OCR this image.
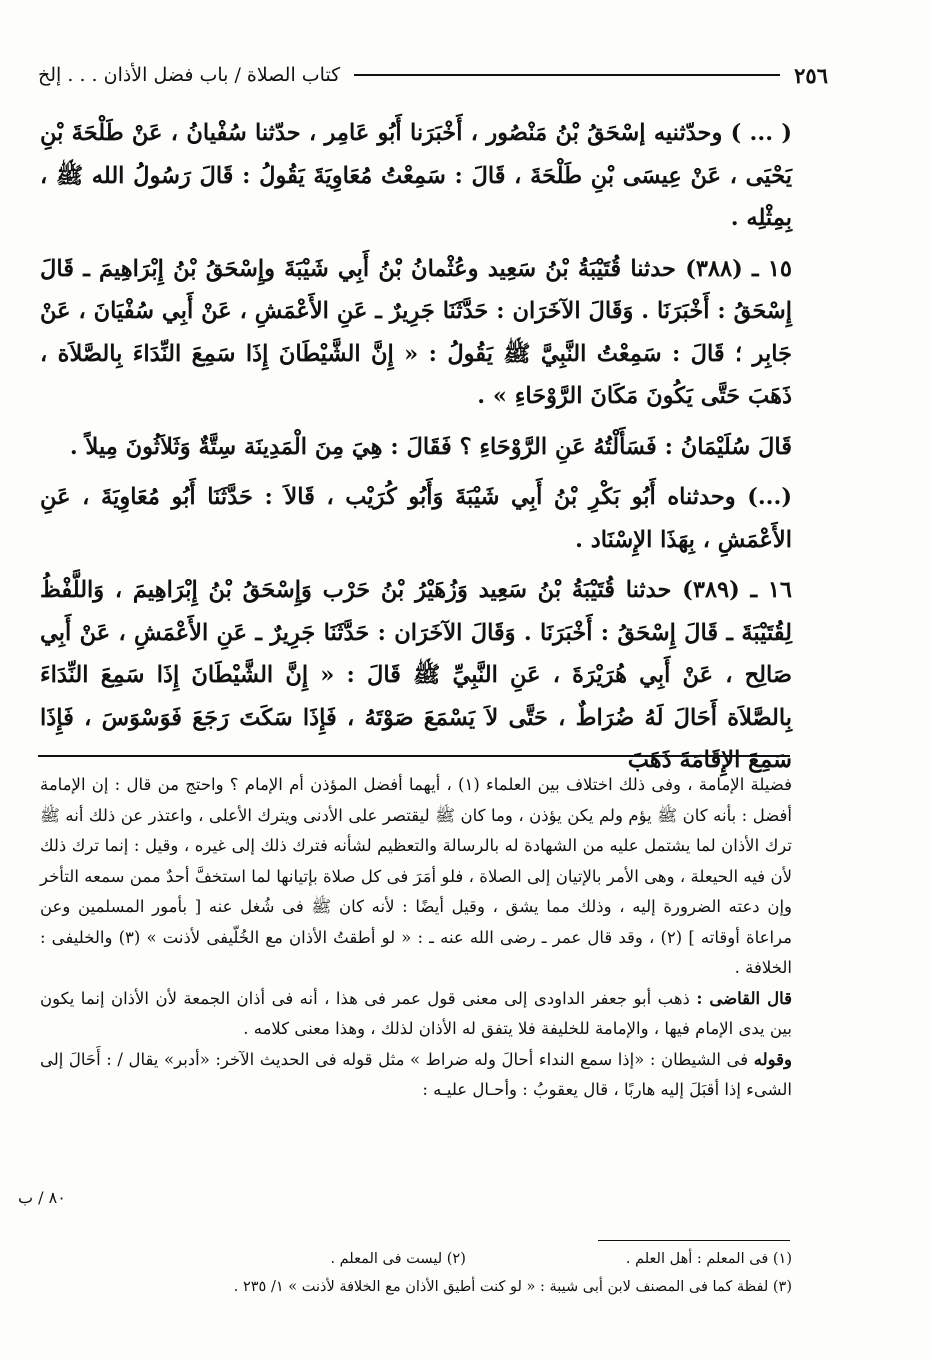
٢٥٦
كتاب الصلاة / باب فضل الأذان . . . إلخ

( ... ) وحدّثنيه إسْحَقُ بْنُ مَنْصُور ، أَخْبَرَنا أَبُو عَامِر ، حدّثنا سُفْيانُ ، عَنْ طَلْحَةَ بْنِ يَحْيَى ، عَنْ عِيسَى بْنِ طَلْحَةَ ، قَالَ : سَمِعْتُ مُعَاوِيَةَ يَقُولُ : قَالَ رَسُولُ الله ﷺ ، بِمِثْلِه .

١٥ ـ (٣٨٨) حدثنا قُتَيْبَةُ بْنُ سَعِيد وعُثْمانُ بْنُ أَبِي شَيْبَةَ وإِسْحَقُ بْنُ إِبْرَاهِيمَ ـ قَالَ إِسْحَقُ : أَخْبَرَنَا . وَقَالَ الآخَرَان : حَدَّثَنَا جَرِيرٌ ـ عَنِ الأَعْمَشِ ، عَنْ أَبِي سُفْيَانَ ، عَنْ جَابِر ؛ قَالَ : سَمِعْتُ النَّبِيَّ ﷺ يَقُولُ : « إِنَّ الشَّيْطَانَ إِذَا سَمِعَ النِّدَاءَ بِالصَّلاَة ، ذَهَبَ حَتَّى يَكُونَ مَكَانَ الرَّوْحَاءِ » .

قَالَ سُلَيْمَانُ : فَسَأَلْتُهُ عَنِ الرَّوْحَاءِ ؟ فَقَالَ : هِيَ مِنَ الْمَدِينَة سِتَّةٌ وَثَلاَثُونَ مِيلاً .

(...) وحدثناه أَبُو بَكْرِ بْنُ أَبِي شَيْبَةَ وَأَبُو كُرَيْب ، قَالاَ : حَدَّثَنَا أَبُو مُعَاوِيَةَ ، عَنِ الأَعْمَشِ ، بِهَذَا الإِسْنَاد .

١٦ ـ (٣٨٩) حدثنا قُتَيْبَةُ بْنُ سَعِيد وَزُهَيْرُ بْنُ حَرْب وَإِسْحَقُ بْنُ إِبْرَاهِيمَ ، وَاللَّفْظُ لِقُتَيْبَةَ ـ قَالَ إِسْحَقُ : أَخْبَرَنَا . وَقَالَ الآخَرَان : حَدَّثَنَا جَرِيرٌ ـ عَنِ الأَعْمَشِ ، عَنْ أَبِي صَالِح ، عَنْ أَبِي هُرَيْرَةَ ، عَنِ النَّبِيِّ ﷺ قَالَ : « إِنَّ الشَّيْطَانَ إِذَا سَمِعَ النِّدَاءَ بِالصَّلاَة أَحَالَ لَهُ ضُرَاطٌ ، حَتَّى لاَ يَسْمَعَ صَوْتَهُ ، فَإِذَا سَكَتَ رَجَعَ فَوَسْوَسَ ، فَإِذَا سَمِعَ الإِقَامَةَ ذَهَبَ

فضيلة الإمامة ، وفى ذلك اختلاف بين العلماء (١) ، أيهما أفضل المؤذن أم الإمام ؟ واحتج من قال : إن الإمامة أفضل : بأنه كان ﷺ يؤم ولم يكن يؤذن ، وما كان ﷺ ليقتصر على الأدنى ويترك الأعلى ، واعتذر عن ذلك أنه ﷺ ترك الأذان لما يشتمل عليه من الشهادة له بالرسالة والتعظيم لشأنه فترك ذلك إلى غيره ، وقيل : إنما ترك ذلك لأن فيه الحيعلة ، وهى الأمر بالإتيان إلى الصلاة ، فلو أمَرَ فى كل صلاة بإتيانها لما استخفَّ أحدٌ ممن سمعه التأخر وإن دعته الضرورة إليه ، وذلك مما يشق ، وقيل أيضًا : لأنه كان ﷺ فى شُغل عنه [ بأمور المسلمين وعن مراعاة أوقاته ] (٢) ، وقد قال عمر ـ رضى الله عنه ـ : « لو أطقتُ الأذان مع الخُلّيفى لأذنت » (٣) والخليفى : الخلافة .

قال القاضى : ذهب أبو جعفر الداودى إلى معنى قول عمر فى هذا ، أنه فى أذان الجمعة لأن الأذان إنما يكون بين يدى الإمام فيها ، والإمامة للخليفة فلا يتفق له الأذان لذلك ، وهذا معنى كلامه .

وقوله فى الشيطان : «إذا سمع النداء أحالَ وله ضراط » مثل قوله فى الحديث الآخر: «أدبر» يقال / : أَحَالَ إلى الشىء إذا أقبَلَ إليه هاربًا ، قال يعقوبُ : وأحـال عليـه :

٨٠ / ب
(١) فى المعلم : أهل العلم .
(٢) ليست فى المعلم .
(٣) لفظة كما فى المصنف لابن أبى شيبة : « لو كنت أطيق الأذان مع الخلافة لأذنت » ١/ ٢٣٥ .
